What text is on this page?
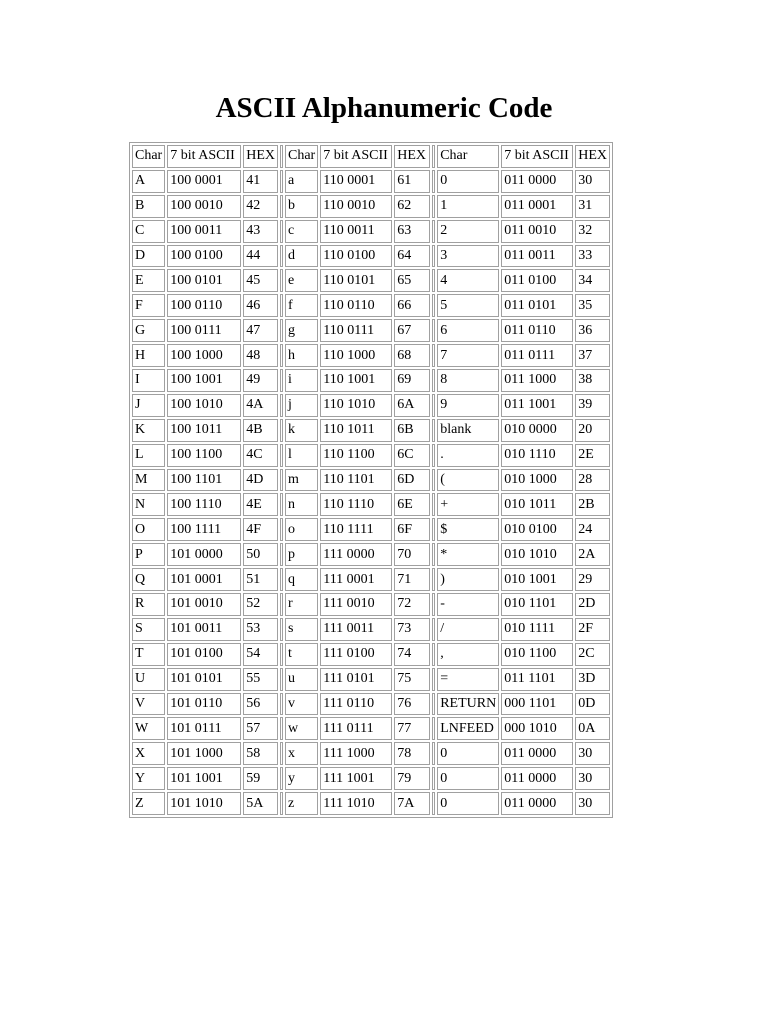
ASCII Alphanumeric Code
Char	7 bit ASCII	HEX		Char	7 bit ASCII	HEX		Char	7 bit ASCII	HEX
A	100 0001	41		a	110 0001	61		0	011 0000	30
B	100 0010	42		b	110 0010	62		1	011 0001	31
C	100 0011	43		c	110 0011	63		2	011 0010	32
D	100 0100	44		d	110 0100	64		3	011 0011	33
E	100 0101	45		e	110 0101	65		4	011 0100	34
F	100 0110	46		f	110 0110	66		5	011 0101	35
G	100 0111	47		g	110 0111	67		6	011 0110	36
H	100 1000	48		h	110 1000	68		7	011 0111	37
I	100 1001	49		i	110 1001	69		8	011 1000	38
J	100 1010	4A		j	110 1010	6A		9	011 1001	39
K	100 1011	4B		k	110 1011	6B		blank	010 0000	20
L	100 1100	4C		l	110 1100	6C		.	010 1110	2E
M	100 1101	4D		m	110 1101	6D		(	010 1000	28
N	100 1110	4E		n	110 1110	6E		+	010 1011	2B
O	100 1111	4F		o	110 1111	6F		$	010 0100	24
P	101 0000	50		p	111 0000	70		*	010 1010	2A
Q	101 0001	51		q	111 0001	71		)	010 1001	29
R	101 0010	52		r	111 0010	72		-	010 1101	2D
S	101 0011	53		s	111 0011	73		/	010 1111	2F
T	101 0100	54		t	111 0100	74		,	010 1100	2C
U	101 0101	55		u	111 0101	75		=	011 1101	3D
V	101 0110	56		v	111 0110	76		RETURN	000 1101	0D
W	101 0111	57		w	111 0111	77		LNFEED	000 1010	0A
X	101 1000	58		x	111 1000	78		0	011 0000	30
Y	101 1001	59		y	111 1001	79		0	011 0000	30
Z	101 1010	5A		z	111 1010	7A		0	011 0000	30
